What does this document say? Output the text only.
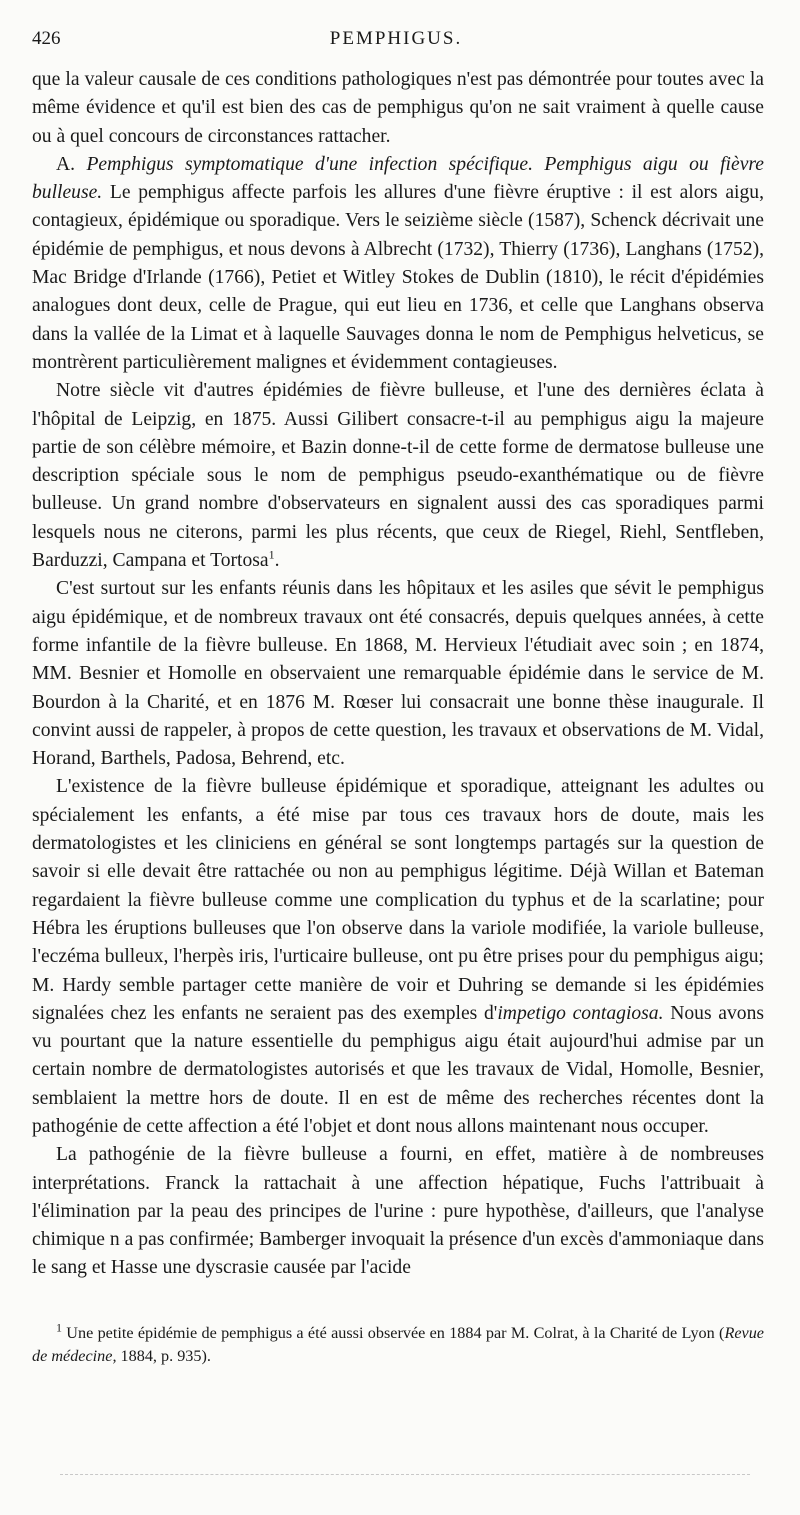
426	PEMPHIGUS.

que la valeur causale de ces conditions pathologiques n'est pas démontrée pour toutes avec la même évidence et qu'il est bien des cas de pemphigus qu'on ne sait vraiment à quelle cause ou à quel concours de circonstances rattacher.

A. Pemphigus symptomatique d'une infection spécifique. Pemphigus aigu ou fièvre bulleuse. Le pemphigus affecte parfois les allures d'une fièvre éruptive : il est alors aigu, contagieux, épidémique ou sporadique. Vers le seizième siècle (1587), Schenck décrivait une épidémie de pemphigus, et nous devons à Albrecht (1732), Thierry (1736), Langhans (1752), Mac Bridge d'Irlande (1766), Petiet et Witley Stokes de Dublin (1810), le récit d'épidémies analogues dont deux, celle de Prague, qui eut lieu en 1736, et celle que Langhans observa dans la vallée de la Limat et à laquelle Sauvages donna le nom de Pemphigus helveticus, se montrèrent particulièrement malignes et évidemment contagieuses.

Notre siècle vit d'autres épidémies de fièvre bulleuse, et l'une des dernières éclata à l'hôpital de Leipzig, en 1875. Aussi Gilibert consacre-t-il au pemphigus aigu la majeure partie de son célèbre mémoire, et Bazin donne-t-il de cette forme de dermatose bulleuse une description spéciale sous le nom de pemphigus pseudo-exanthématique ou de fièvre bulleuse. Un grand nombre d'observateurs en signalent aussi des cas sporadiques parmi lesquels nous ne citerons, parmi les plus récents, que ceux de Riegel, Riehl, Sentfleben, Barduzzi, Campana et Tortosa$^1$.

C'est surtout sur les enfants réunis dans les hôpitaux et les asiles que sévit le pemphigus aigu épidémique, et de nombreux travaux ont été consacrés, depuis quelques années, à cette forme infantile de la fièvre bulleuse. En 1868, M. Hervieux l'étudiait avec soin ; en 1874, MM. Besnier et Homolle en observaient une remarquable épidémie dans le service de M. Bourdon à la Charité, et en 1876 M. Rœser lui consacrait une bonne thèse inaugurale. Il convint aussi de rappeler, à propos de cette question, les travaux et observations de M. Vidal, Horand, Barthels, Padosa, Behrend, etc.

L'existence de la fièvre bulleuse épidémique et sporadique, atteignant les adultes ou spécialement les enfants, a été mise par tous ces travaux hors de doute, mais les dermatologistes et les cliniciens en général se sont longtemps partagés sur la question de savoir si elle devait être rattachée ou non au pemphigus légitime. Déjà Willan et Bateman regardaient la fièvre bulleuse comme une complication du typhus et de la scarlatine; pour Hébra les éruptions bulleuses que l'on observe dans la variole modifiée, la variole bulleuse, l'eczéma bulleux, l'herpès iris, l'urticaire bulleuse, ont pu être prises pour du pemphigus aigu; M. Hardy semble partager cette manière de voir et Duhring se demande si les épidémies signalées chez les enfants ne seraient pas des exemples d'impetigo contagiosa. Nous avons vu pourtant que la nature essentielle du pemphigus aigu était aujourd'hui admise par un certain nombre de dermatologistes autorisés et que les travaux de Vidal, Homolle, Besnier, semblaient la mettre hors de doute. Il en est de même des recherches récentes dont la pathogénie de cette affection a été l'objet et dont nous allons maintenant nous occuper.

La pathogénie de la fièvre bulleuse a fourni, en effet, matière à de nombreuses interprétations. Franck la rattachait à une affection hépatique, Fuchs l'attribuait à l'élimination par la peau des principes de l'urine : pure hypothèse, d'ailleurs, que l'analyse chimique n a pas confirmée; Bamberger invoquait la présence d'un excès d'ammoniaque dans le sang et Hasse une dyscrasie causée par l'acide

$^1$ Une petite épidémie de pemphigus a été aussi observée en 1884 par M. Colrat, à la Charité de Lyon (Revue de médecine, 1884, p. 935).
